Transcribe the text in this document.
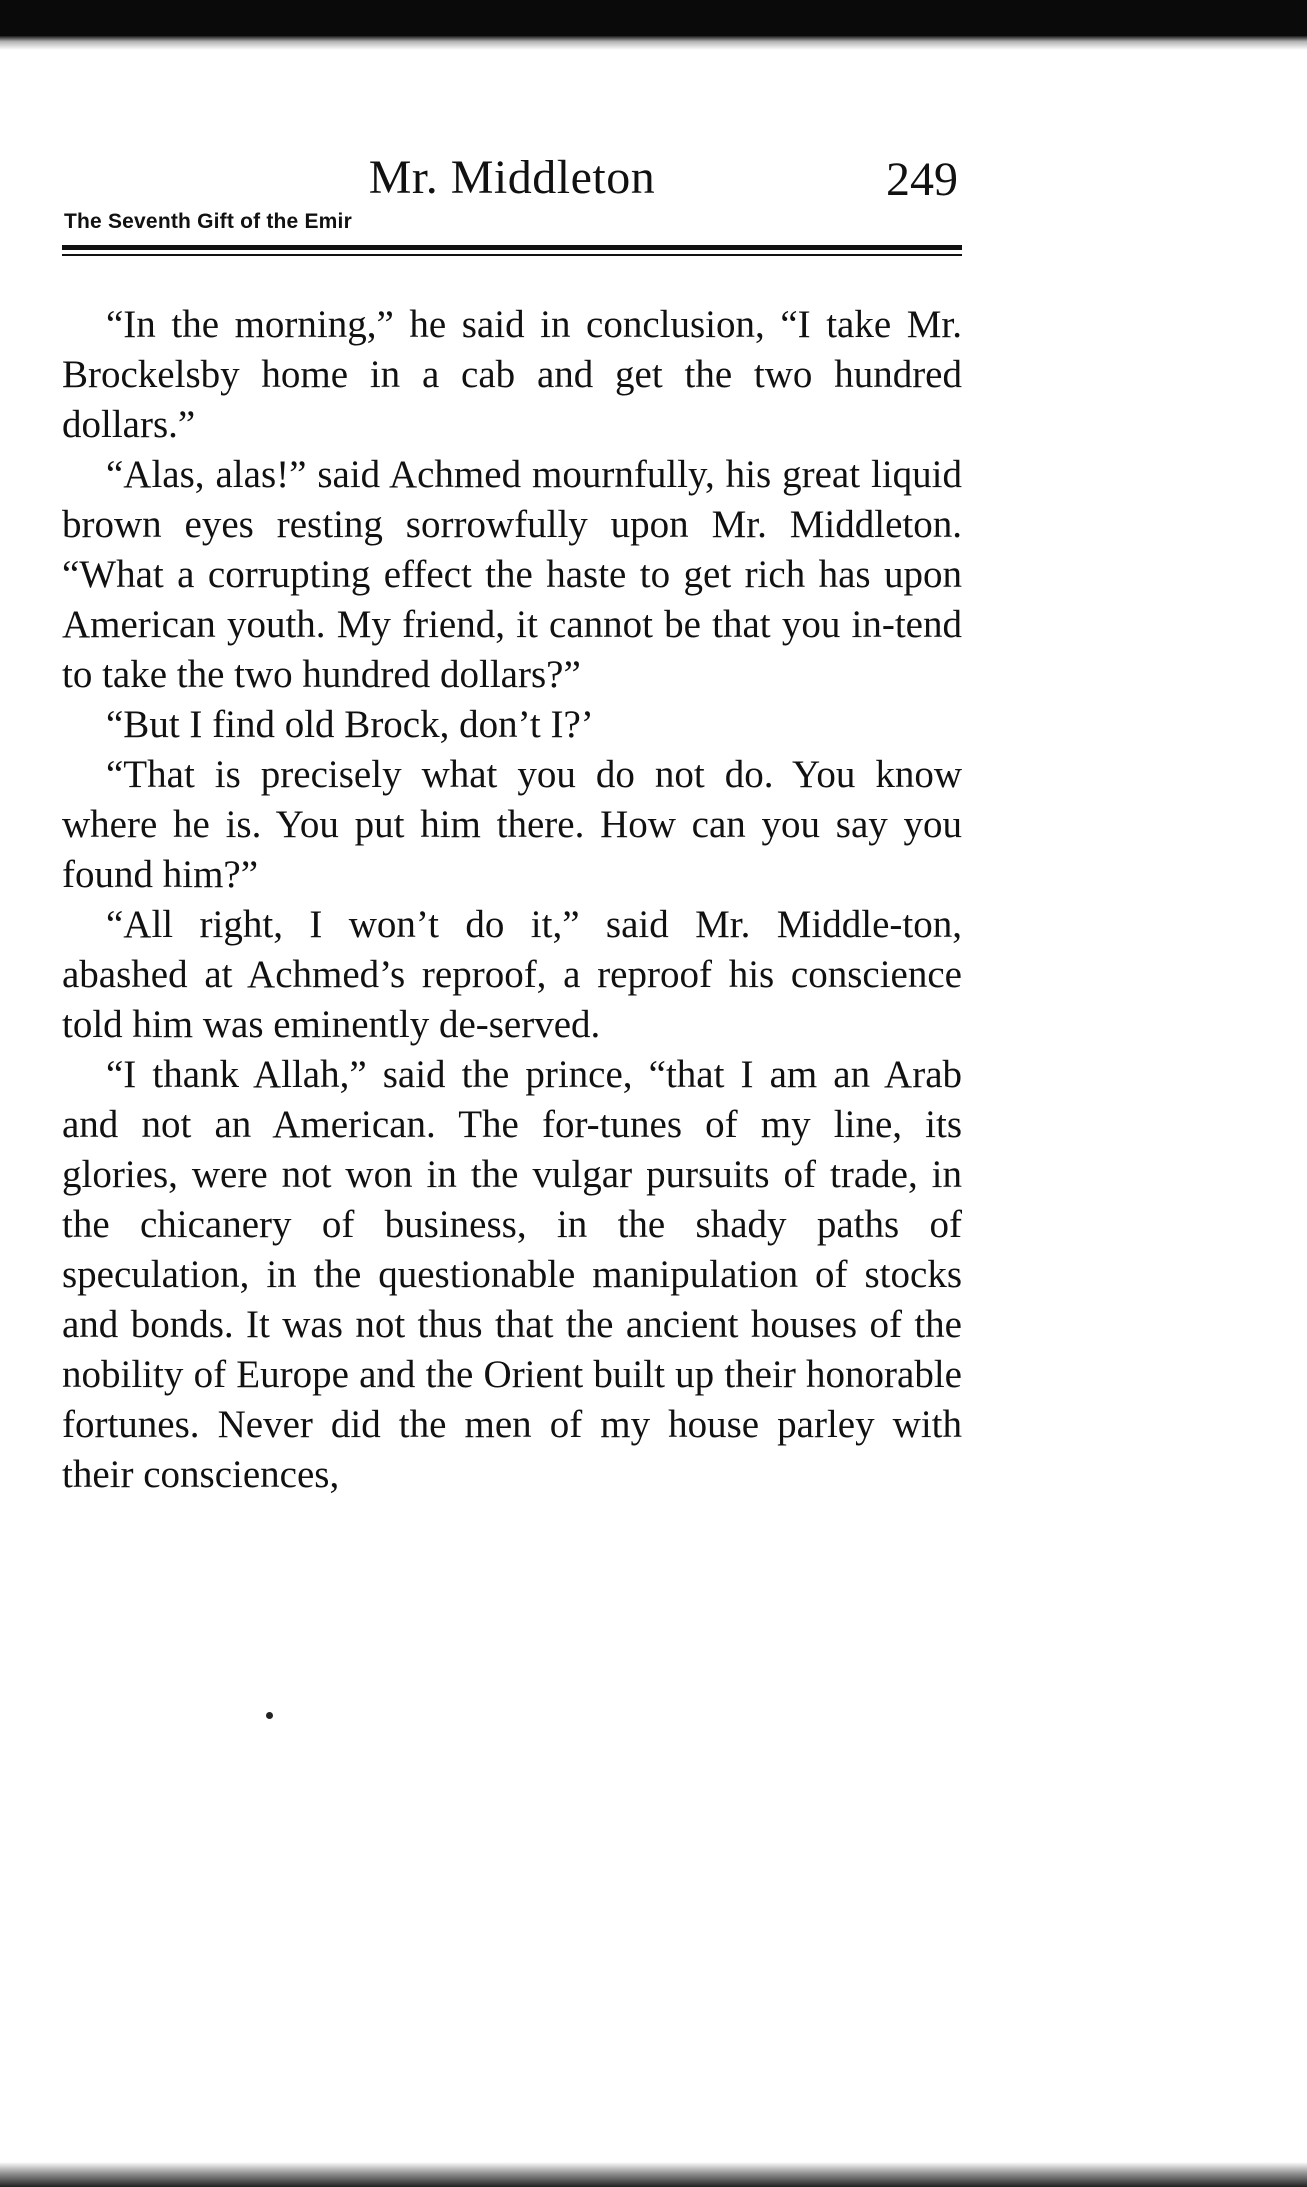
Mr. Middleton	249
The Seventh Gift of the Emir

“In the morning,” he said in conclusion, “I take Mr. Brockelsby home in a cab and get the two hundred dollars.”

“Alas, alas!” said Achmed mournfully, his great liquid brown eyes resting sorrowfully upon Mr. Middleton. “What a corrupting effect the haste to get rich has upon American youth. My friend, it cannot be that you in-tend to take the two hundred dollars?”

“But I find old Brock, don’t I?’

“That is precisely what you do not do. You know where he is. You put him there. How can you say you found him?”

“All right, I won’t do it,” said Mr. Middle-ton, abashed at Achmed’s reproof, a reproof his conscience told him was eminently de-served.

“I thank Allah,” said the prince, “that I am an Arab and not an American. The for-tunes of my line, its glories, were not won in the vulgar pursuits of trade, in the chicanery of business, in the shady paths of speculation, in the questionable manipulation of stocks and bonds. It was not thus that the ancient houses of the nobility of Europe and the Orient built up their honorable fortunes. Never did the men of my house parley with their consciences,
